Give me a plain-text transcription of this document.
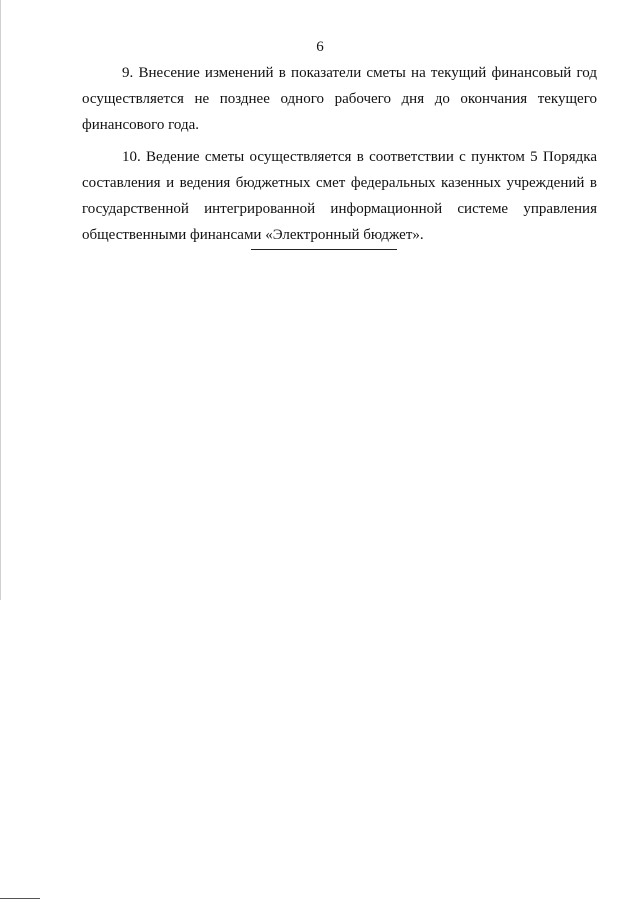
6

9. Внесение изменений в показатели сметы на текущий финансовый год
осуществляется не позднее одного рабочего дня до окончания текущего
финансового года.

10. Ведение сметы осуществляется в соответствии с пунктом 5 Порядка
составления и ведения бюджетных смет федеральных казенных учреждений в
государственной интегрированной информационной системе управления
общественными финансами «Электронный бюджет».
